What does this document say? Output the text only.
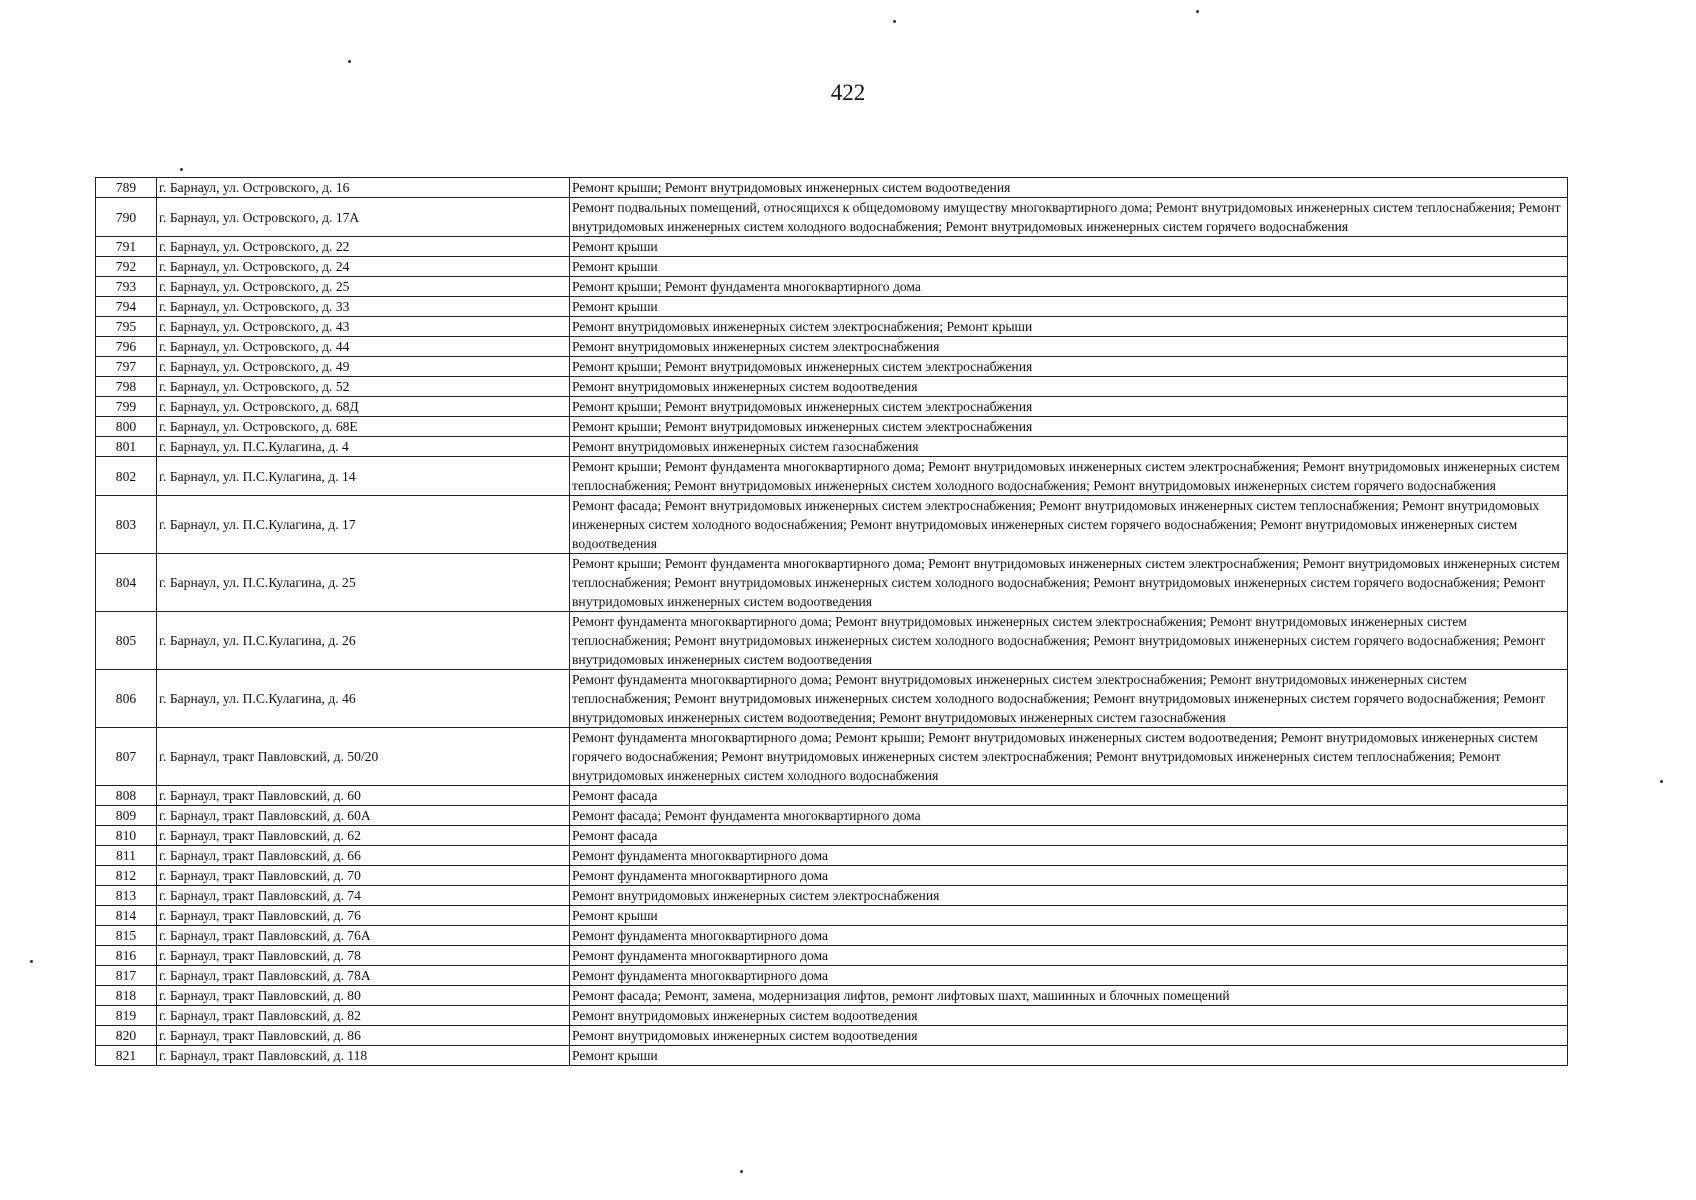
422
789	г. Барнаул, ул. Островского, д. 16	Ремонт крыши; Ремонт внутридомовых инженерных систем водоотведения
790	г. Барнаул, ул. Островского, д. 17А	Ремонт подвальных помещений, относящихся к общедомовому имуществу многоквартирного дома; Ремонт внутридомовых инженерных систем теплоснабжения; Ремонт внутридомовых инженерных систем холодного водоснабжения; Ремонт внутридомовых инженерных систем горячего водоснабжения
791	г. Барнаул, ул. Островского, д. 22	Ремонт крыши
792	г. Барнаул, ул. Островского, д. 24	Ремонт крыши
793	г. Барнаул, ул. Островского, д. 25	Ремонт крыши; Ремонт фундамента многоквартирного дома
794	г. Барнаул, ул. Островского, д. 33	Ремонт крыши
795	г. Барнаул, ул. Островского, д. 43	Ремонт внутридомовых инженерных систем электроснабжения; Ремонт крыши
796	г. Барнаул, ул. Островского, д. 44	Ремонт внутридомовых инженерных систем электроснабжения
797	г. Барнаул, ул. Островского, д. 49	Ремонт крыши; Ремонт внутридомовых инженерных систем электроснабжения
798	г. Барнаул, ул. Островского, д. 52	Ремонт внутридомовых инженерных систем водоотведения
799	г. Барнаул, ул. Островского, д. 68Д	Ремонт крыши; Ремонт внутридомовых инженерных систем электроснабжения
800	г. Барнаул, ул. Островского, д. 68Е	Ремонт крыши; Ремонт внутридомовых инженерных систем электроснабжения
801	г. Барнаул, ул. П.С.Кулагина, д. 4	Ремонт внутридомовых инженерных систем газоснабжения
802	г. Барнаул, ул. П.С.Кулагина, д. 14	Ремонт крыши; Ремонт фундамента многоквартирного дома; Ремонт внутридомовых инженерных систем электроснабжения; Ремонт внутридомовых инженерных систем теплоснабжения; Ремонт внутридомовых инженерных систем холодного водоснабжения; Ремонт внутридомовых инженерных систем горячего водоснабжения
803	г. Барнаул, ул. П.С.Кулагина, д. 17	Ремонт фасада; Ремонт внутридомовых инженерных систем электроснабжения; Ремонт внутридомовых инженерных систем теплоснабжения; Ремонт внутридомовых инженерных систем холодного водоснабжения; Ремонт внутридомовых инженерных систем горячего водоснабжения; Ремонт внутридомовых инженерных систем водоотведения
804	г. Барнаул, ул. П.С.Кулагина, д. 25	Ремонт крыши; Ремонт фундамента многоквартирного дома; Ремонт внутридомовых инженерных систем электроснабжения; Ремонт внутридомовых инженерных систем теплоснабжения; Ремонт внутридомовых инженерных систем холодного водоснабжения; Ремонт внутридомовых инженерных систем горячего водоснабжения; Ремонт внутридомовых инженерных систем водоотведения
805	г. Барнаул, ул. П.С.Кулагина, д. 26	Ремонт фундамента многоквартирного дома; Ремонт внутридомовых инженерных систем электроснабжения; Ремонт внутридомовых инженерных систем теплоснабжения; Ремонт внутридомовых инженерных систем холодного водоснабжения; Ремонт внутридомовых инженерных систем горячего водоснабжения; Ремонт внутридомовых инженерных систем водоотведения
806	г. Барнаул, ул. П.С.Кулагина, д. 46	Ремонт фундамента многоквартирного дома; Ремонт внутридомовых инженерных систем электроснабжения; Ремонт внутридомовых инженерных систем теплоснабжения; Ремонт внутридомовых инженерных систем холодного водоснабжения; Ремонт внутридомовых инженерных систем горячего водоснабжения; Ремонт внутридомовых инженерных систем водоотведения; Ремонт внутридомовых инженерных систем газоснабжения
807	г. Барнаул, тракт Павловский, д. 50/20	Ремонт фундамента многоквартирного дома; Ремонт крыши; Ремонт внутридомовых инженерных систем водоотведения; Ремонт внутридомовых инженерных систем горячего водоснабжения; Ремонт внутридомовых инженерных систем электроснабжения; Ремонт внутридомовых инженерных систем теплоснабжения; Ремонт внутридомовых инженерных систем холодного водоснабжения
808	г. Барнаул, тракт Павловский, д. 60	Ремонт фасада
809	г. Барнаул, тракт Павловский, д. 60А	Ремонт фасада; Ремонт фундамента многоквартирного дома
810	г. Барнаул, тракт Павловский, д. 62	Ремонт фасада
811	г. Барнаул, тракт Павловский, д. 66	Ремонт фундамента многоквартирного дома
812	г. Барнаул, тракт Павловский, д. 70	Ремонт фундамента многоквартирного дома
813	г. Барнаул, тракт Павловский, д. 74	Ремонт внутридомовых инженерных систем электроснабжения
814	г. Барнаул, тракт Павловский, д. 76	Ремонт крыши
815	г. Барнаул, тракт Павловский, д. 76А	Ремонт фундамента многоквартирного дома
816	г. Барнаул, тракт Павловский, д. 78	Ремонт фундамента многоквартирного дома
817	г. Барнаул, тракт Павловский, д. 78А	Ремонт фундамента многоквартирного дома
818	г. Барнаул, тракт Павловский, д. 80	Ремонт фасада; Ремонт, замена, модернизация лифтов, ремонт лифтовых шахт, машинных и блочных помещений
819	г. Барнаул, тракт Павловский, д. 82	Ремонт внутридомовых инженерных систем водоотведения
820	г. Барнаул, тракт Павловский, д. 86	Ремонт внутридомовых инженерных систем водоотведения
821	г. Барнаул, тракт Павловский, д. 118	Ремонт крыши
